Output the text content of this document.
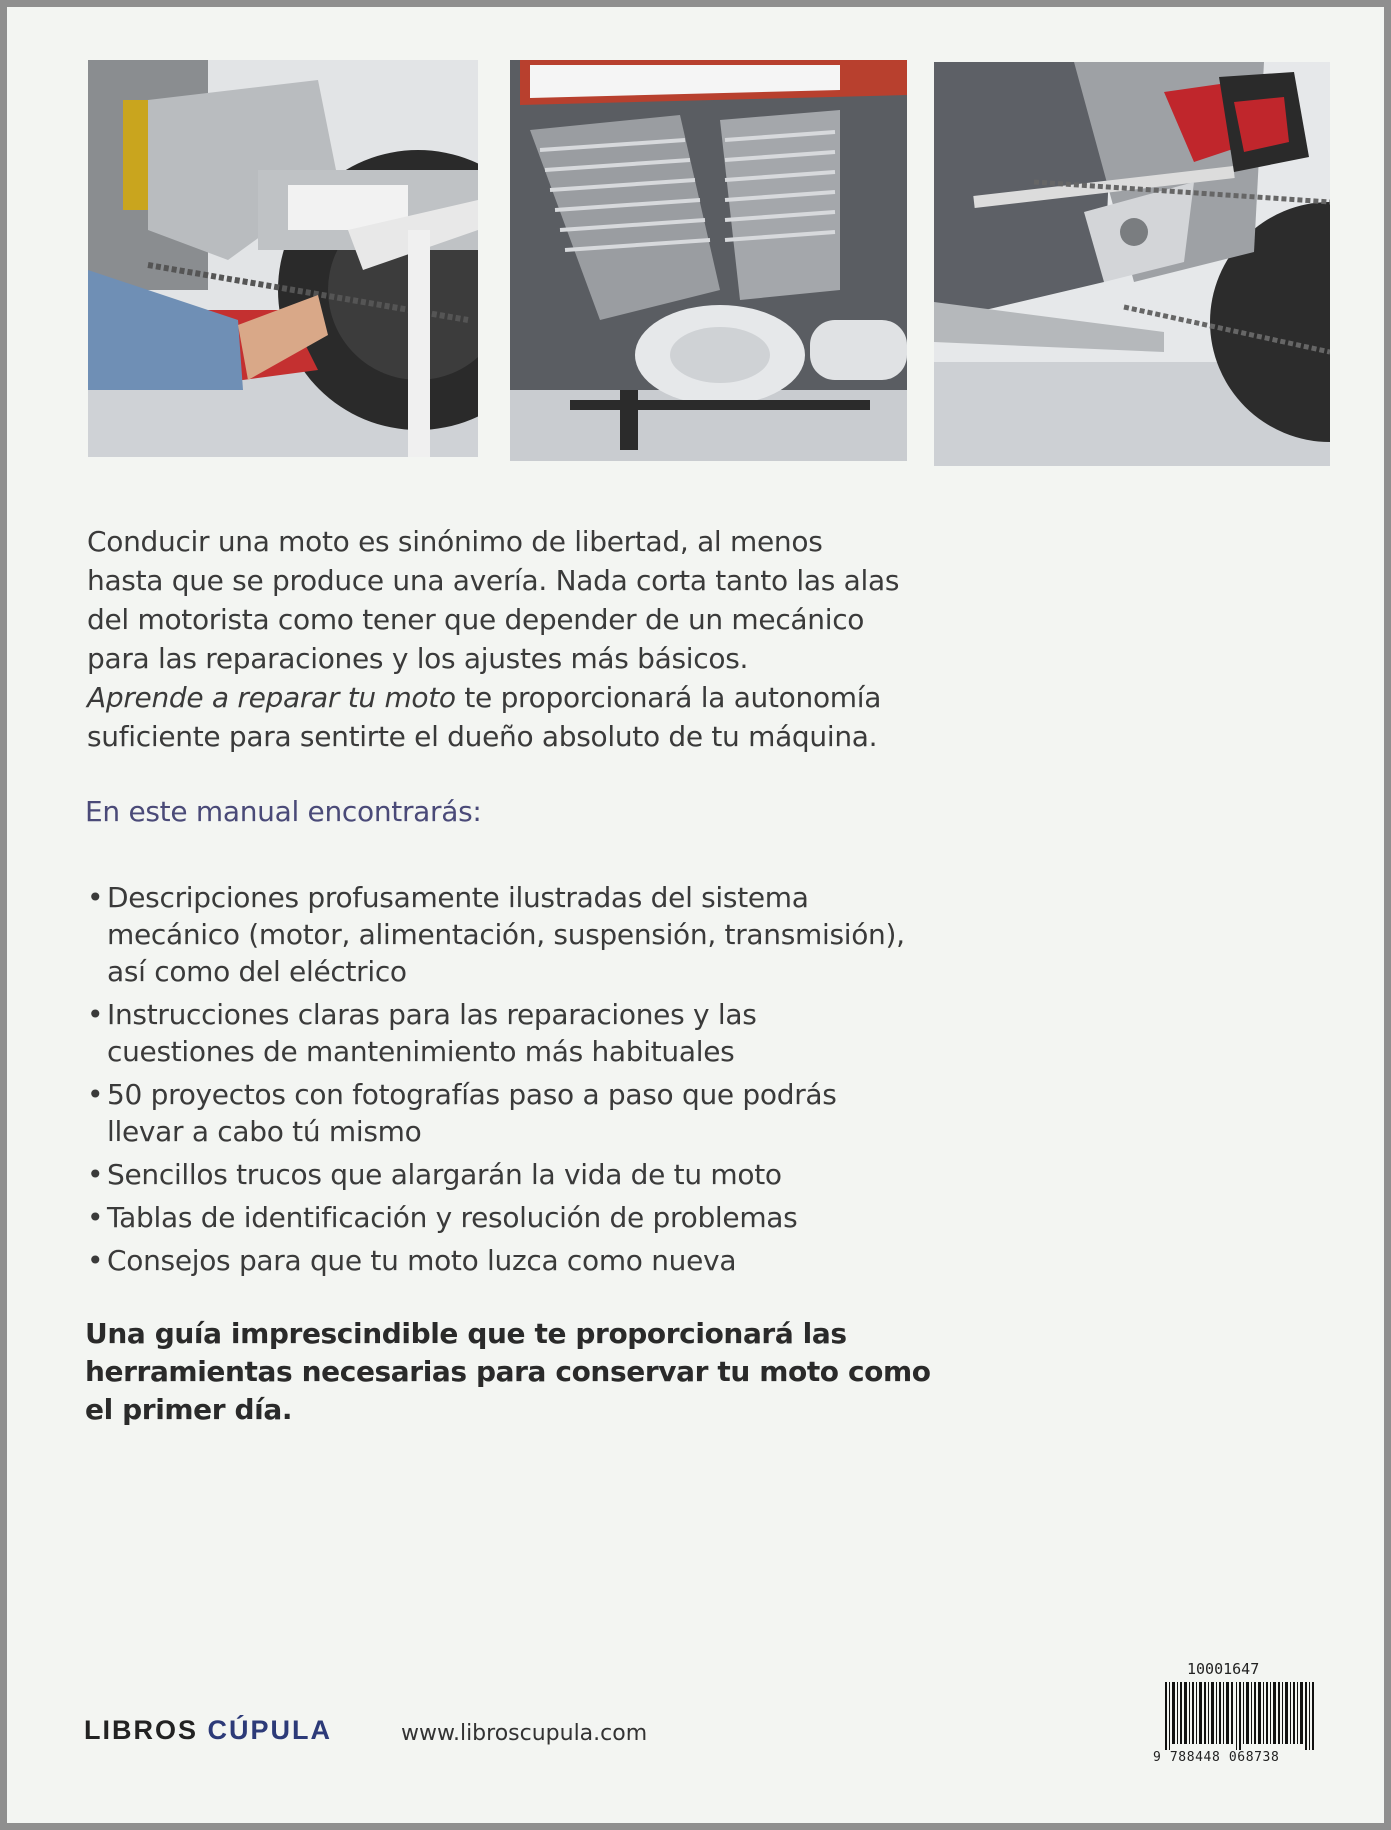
Conducir una moto es sinónimo de libertad, al menos hasta que se produce una avería. Nada corta tanto las alas del motorista como tener que depender de un mecánico para las reparaciones y los ajustes más básicos.

Aprende a reparar tu moto te proporcionará la autonomía suficiente para sentirte el dueño absoluto de tu máquina.

En este manual encontrarás:
• Descripciones profusamente ilustradas del sistema mecánico (motor, alimentación, suspensión, transmisión), así como del eléctrico
• Instrucciones claras para las reparaciones y las cuestiones de mantenimiento más habituales
• 50 proyectos con fotografías paso a paso que podrás llevar a cabo tú mismo
• Sencillos trucos que alargarán la vida de tu moto
• Tablas de identificación y resolución de problemas
• Consejos para que tu moto luzca como nueva
Una guía imprescindible que te proporcionará las herramientas necesarias para conservar tu moto como el primer día.
LIBROS CÚPULA	www.libroscupula.com
10001647
9 788448 068738
